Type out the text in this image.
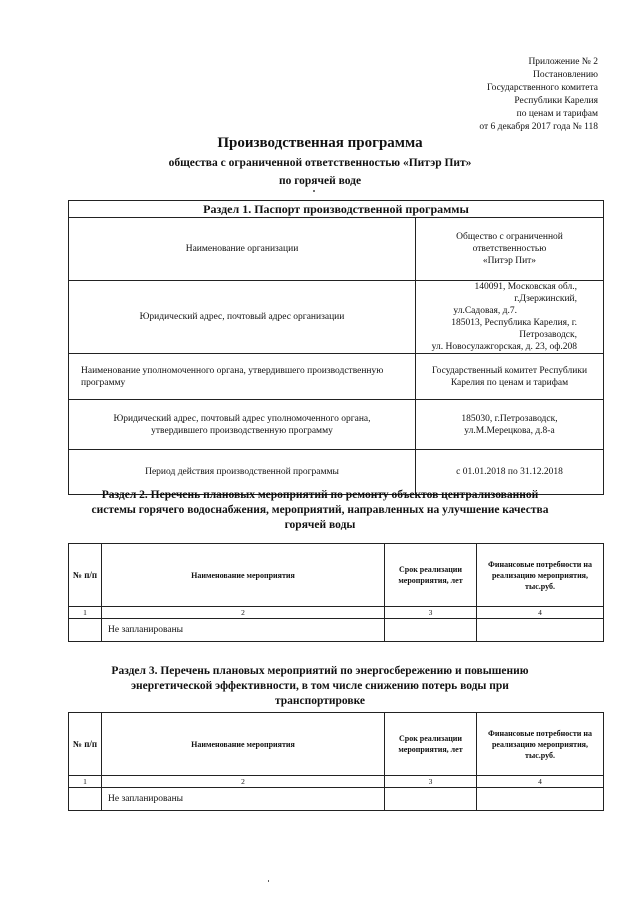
Приложение № 2
Постановлению
Государственного комитета
Республики Карелия
по ценам и тарифам
от 6 декабря 2017 года № 118
Производственная программа
общества с ограниченной ответственностью «Питэр Пит»
по горячей воде
Раздел 1. Паспорт производственной программы	
Наименование организации	Общество с ограниченной ответственностью
«Питэр Пит»

Юридический адрес, почтовый адрес организации	140091, Московская обл., г.Дзержинский,
ул.Садовая, д.7.
185013, Республика Карелия, г. Петрозаводск,
ул. Новосулажгорская, д. 23, оф.208

Наименование уполномоченного органа, утвердившего производственную программу	Государственный комитет Республики Карелия по ценам и тарифам
Юридический адрес, почтовый адрес уполномоченного органа, утвердившего производственную программу	185030, г.Петрозаводск, ул.М.Мерецкова, д.8-а
Период действия производственной программы	с 01.01.2018 по 31.12.2018
Раздел 2. Перечень плановых мероприятий по ремонту объектов централизованной
системы горячего водоснабжения, мероприятий, направленных на улучшение качества
горячей воды
№ п/п	Наименование мероприятия	Срок реализации мероприятия, лет	Финансовые потребности на реализацию мероприятия, тыс.руб.
1	2	3	4
	Не запланированы		
Раздел 3. Перечень плановых мероприятий по энергосбережению и повышению
энергетической эффективности, в том числе снижению потерь воды при
транспортировке
№ п/п	Наименование мероприятия	Срок реализации мероприятия, лет	Финансовые потребности на реализацию мероприятия, тыс.руб.
1	2	3	4
	Не запланированы		
